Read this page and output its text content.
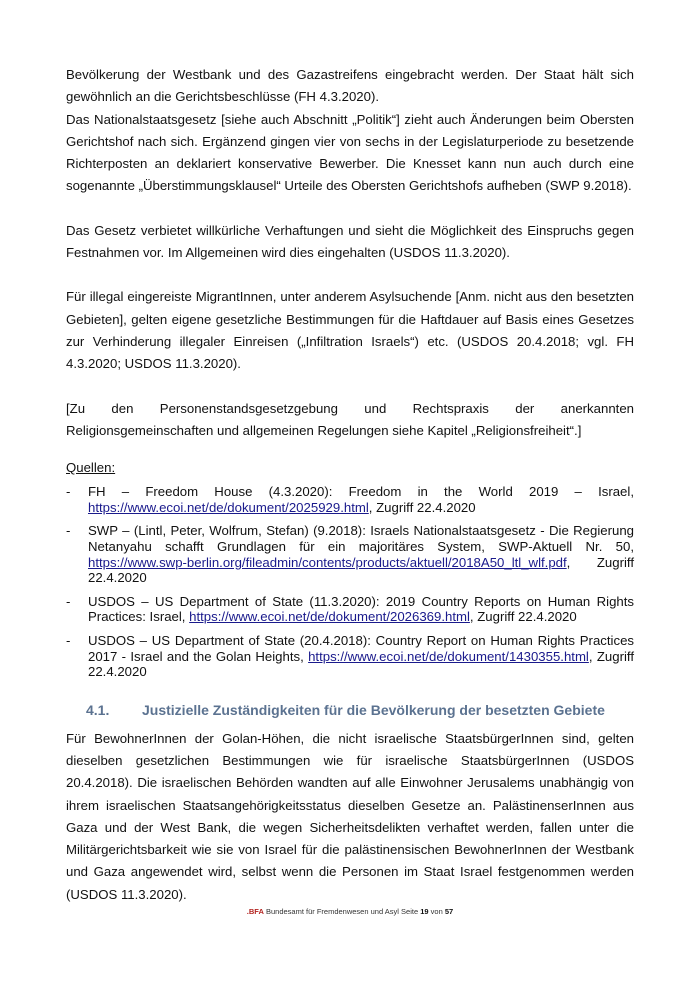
Bevölkerung der Westbank und des Gazastreifens eingebracht werden. Der Staat hält sich gewöhnlich an die Gerichtsbeschlüsse (FH 4.3.2020).

Das Nationalstaatsgesetz [siehe auch Abschnitt „Politik“] zieht auch Änderungen beim Obersten Gerichtshof nach sich. Ergänzend gingen vier von sechs in der Legislaturperiode zu besetzende Richterposten an deklariert konservative Bewerber. Die Knesset kann nun auch durch eine sogenannte „Überstimmungsklausel“ Urteile des Obersten Gerichtshofs aufheben (SWP 9.2018).

Das Gesetz verbietet willkürliche Verhaftungen und sieht die Möglichkeit des Einspruchs gegen Festnahmen vor. Im Allgemeinen wird dies eingehalten (USDOS 11.3.2020).

Für illegal eingereiste MigrantInnen, unter anderem Asylsuchende [Anm. nicht aus den besetzten Gebieten], gelten eigene gesetzliche Bestimmungen für die Haftdauer auf Basis eines Gesetzes zur Verhinderung illegaler Einreisen („Infiltration Israels“) etc. (USDOS 20.4.2018; vgl. FH 4.3.2020; USDOS 11.3.2020).

[Zu den Personenstandsgesetzgebung und Rechtspraxis der anerkannten Religionsgemeinschaften und allgemeinen Regelungen siehe Kapitel „Religionsfreiheit“.]

Quellen:

- FH – Freedom House (4.3.2020): Freedom in the World 2019 – Israel, https://www.ecoi.net/de/dokument/2025929.html, Zugriff 22.4.2020
- SWP – (Lintl, Peter, Wolfrum, Stefan) (9.2018): Israels Nationalstaatsgesetz - Die Regierung Netanyahu schafft Grundlagen für ein majoritäres System, SWP-Aktuell Nr. 50, https://www.swp-berlin.org/fileadmin/contents/products/aktuell/2018A50_ltl_wlf.pdf, Zugriff 22.4.2020
- USDOS – US Department of State (11.3.2020): 2019 Country Reports on Human Rights Practices: Israel, https://www.ecoi.net/de/dokument/2026369.html, Zugriff 22.4.2020
- USDOS – US Department of State (20.4.2018): Country Report on Human Rights Practices 2017 - Israel and the Golan Heights, https://www.ecoi.net/de/dokument/1430355.html, Zugriff 22.4.2020
4.1.	Justizielle Zuständigkeiten für die Bevölkerung der besetzten Gebiete

Für BewohnerInnen der Golan-Höhen, die nicht israelische StaatsbürgerInnen sind, gelten dieselben gesetzlichen Bestimmungen wie für israelische StaatsbürgerInnen (USDOS 20.4.2018). Die israelischen Behörden wandten auf alle Einwohner Jerusalems unabhängig von ihrem israelischen Staatsangehörigkeitsstatus dieselben Gesetze an. PalästinenserInnen aus Gaza und der West Bank, die wegen Sicherheitsdelikten verhaftet werden, fallen unter die Militärgerichtsbarkeit wie sie von Israel für die palästinensischen BewohnerInnen der Westbank und Gaza angewendet wird, selbst wenn die Personen im Staat Israel festgenommen werden (USDOS 11.3.2020).

.BFA Bundesamt für Fremdenwesen und Asyl Seite 19 von 57
